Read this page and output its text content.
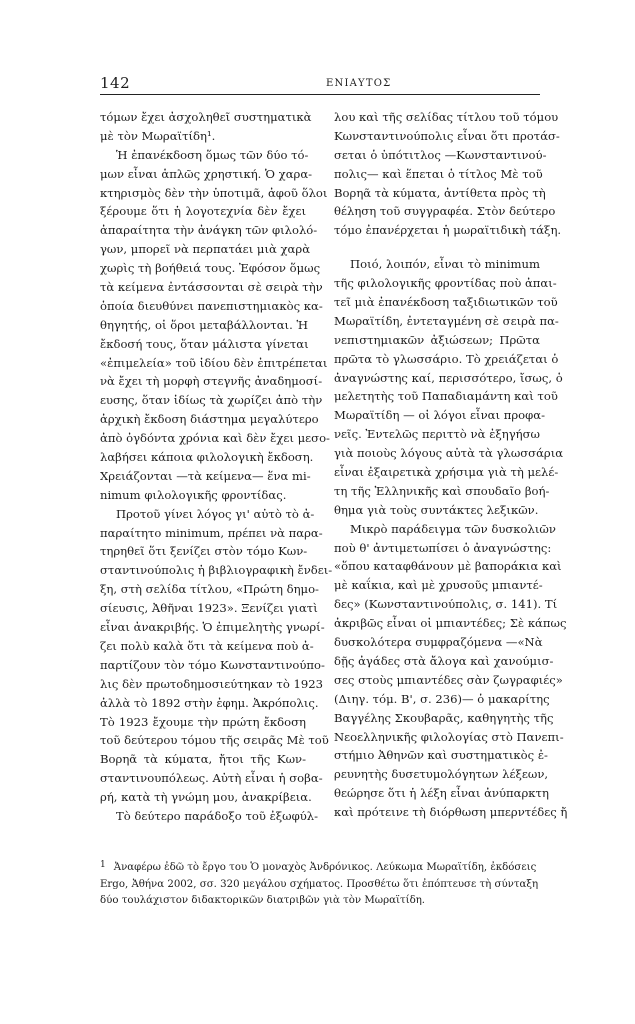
142	ΕΝΙΑΥΤΟΣ
τόμων ἔχει ἀσχοληθεῖ συστηματικὰ
μὲ τὸν Μωραϊτίδη¹.
Ἡ ἐπανέκδοση ὅμως τῶν δύο τό-
μων εἶναι ἁπλῶς χρηστική. Ὁ χαρα-
κτηρισμὸς δὲν τὴν ὑποτιμᾶ, ἀφοῦ ὅλοι
ξέρουμε ὅτι ἡ λογοτεχνία δὲν ἔχει
ἀπαραίτητα τὴν ἀνάγκη τῶν φιλολό-
γων, μπορεῖ νὰ περπατάει μιὰ χαρὰ
χωρὶς τὴ βοήθειά τους. Ἐφόσον ὅμως
τὰ κείμενα ἐντάσσονται σὲ σειρὰ τὴν
ὁποία διευθύνει πανεπιστημιακὸς κα-
θηγητής, οἱ ὅροι μεταβάλλονται. Ἡ
ἔκδοσή τους, ὅταν μάλιστα γίνεται
«ἐπιμελεία» τοῦ ἰδίου δὲν ἐπιτρέπεται
νὰ ἔχει τὴ μορφὴ στεγνῆς ἀναδημοσί-
ευσης, ὅταν ἰδίως τὰ χωρίζει ἀπὸ τὴν
ἀρχικὴ ἔκδοση διάστημα μεγαλύτερο
ἀπὸ ὀγδόντα χρόνια καὶ δὲν ἔχει μεσο-
λαβήσει κάποια φιλολογικὴ ἔκδοση.
Χρειάζονται —τὰ κείμενα— ἕνα mi-
nimum φιλολογικῆς φροντίδας.
Προτοῦ γίνει λόγος γι' αὐτὸ τὸ ἀ-
παραίτητο minimum, πρέπει νὰ παρα-
τηρηθεῖ ὅτι ξενίζει στὸν τόμο Κων-
σταντινούπολις ἡ βιβλιογραφικὴ ἔνδει-
ξη, στὴ σελίδα τίτλου, «Πρώτη δημο-
σίευσις, Ἀθῆναι 1923». Ξενίζει γιατὶ
εἶναι ἀνακριβής. Ὁ ἐπιμελητὴς γνωρί-
ζει πολὺ καλὰ ὅτι τὰ κείμενα ποὺ ἀ-
παρτίζουν τὸν τόμο Κωνσταντινούπο-
λις δὲν πρωτοδημοσιεύτηκαν τὸ 1923
ἀλλὰ τὸ 1892 στὴν ἐφημ. Ἀκρόπολις.
Τὸ 1923 ἔχουμε τὴν πρώτη ἔκδοση
τοῦ δεύτερου τόμου τῆς σειρᾶς Μὲ τοῦ
Βορηᾶ τὰ κύματα, ἤτοι τῆς Κων-
σταντινουπόλεως. Αὐτὴ εἶναι ἡ σοβα-
ρή, κατὰ τὴ γνώμη μου, ἀνακρίβεια.
Τὸ δεύτερο παράδοξο τοῦ ἐξωφύλ-
λου καὶ τῆς σελίδας τίτλου τοῦ τόμου
Κωνσταντινούπολις εἶναι ὅτι προτάσ-
σεται ὁ ὑπότιτλος —Κωνσταντινού-
πολις— καὶ ἕπεται ὁ τίτλος Μὲ τοῦ
Βορηᾶ τὰ κύματα, ἀντίθετα πρὸς τὴ
θέληση τοῦ συγγραφέα. Στὸν δεύτερο
τόμο ἐπανέρχεται ἡ μωραϊτιδικὴ τάξη.
Ποιό, λοιπόν, εἶναι τὸ minimum
τῆς φιλολογικῆς φροντίδας ποὺ ἀπαι-
τεῖ μιὰ ἐπανέκδοση ταξιδιωτικῶν τοῦ
Μωραϊτίδη, ἐντεταγμένη σὲ σειρὰ πα-
νεπιστημιακῶν ἀξιώσεων; Πρῶτα
πρῶτα τὸ γλωσσάριο. Τὸ χρειάζεται ὁ
ἀναγνώστης καί, περισσότερο, ἴσως, ὁ
μελετητὴς τοῦ Παπαδιαμάντη καὶ τοῦ
Μωραϊτίδη — οἱ λόγοι εἶναι προφα-
νεῖς. Ἐντελῶς περιττὸ νὰ ἐξηγήσω
γιὰ ποιοὺς λόγους αὐτὰ τὰ γλωσσάρια
εἶναι ἐξαιρετικὰ χρήσιμα γιὰ τὴ μελέ-
τη τῆς Ἑλληνικῆς καὶ σπουδαῖο βοή-
θημα γιὰ τοὺς συντάκτες λεξικῶν.
Μικρὸ παράδειγμα τῶν δυσκολιῶν
ποὺ θ' ἀντιμετωπίσει ὁ ἀναγνώστης:
«ὅπου καταφθάνουν μὲ βαποράκια καὶ
μὲ καΐκια, καὶ μὲ χρυσοῦς μπιαντέ-
δες» (Κωνσταντινούπολις, σ. 141). Τί
ἀκριβῶς εἶναι οἱ μπιαντέδες; Σὲ κάπως
δυσκολότερα συμφραζόμενα —«Νὰ
δῇς ἀγάδες στὰ ἄλογα καὶ χανούμισ-
σες στοὺς μπιαντέδες σὰν ζωγραφιές»
(Διηγ. τόμ. Β', σ. 236)— ὁ μακαρίτης
Βαγγέλης Σκουβαρᾶς, καθηγητὴς τῆς
Νεοελληνικῆς φιλολογίας στὸ Πανεπι-
στήμιο Ἀθηνῶν καὶ συστηματικὸς ἐ-
ρευνητὴς δυσετυμολόγητων λέξεων,
θεώρησε ὅτι ἡ λέξη εἶναι ἀνύπαρκτη
καὶ πρότεινε τὴ διόρθωση μπερντέδες ἤ
1 Ἀναφέρω ἐδῶ τὸ ἔργο του Ὁ μοναχὸς Ἀνδρόνικος. Λεύκωμα Μωραϊτίδη, ἐκδόσεις
Ergo, Ἀθήνα 2002, σσ. 320 μεγάλου σχήματος. Προσθέτω ὅτι ἐπόπτευσε τὴ σύνταξη
δύο τουλάχιστον διδακτορικῶν διατριβῶν γιὰ τὸν Μωραϊτίδη.
